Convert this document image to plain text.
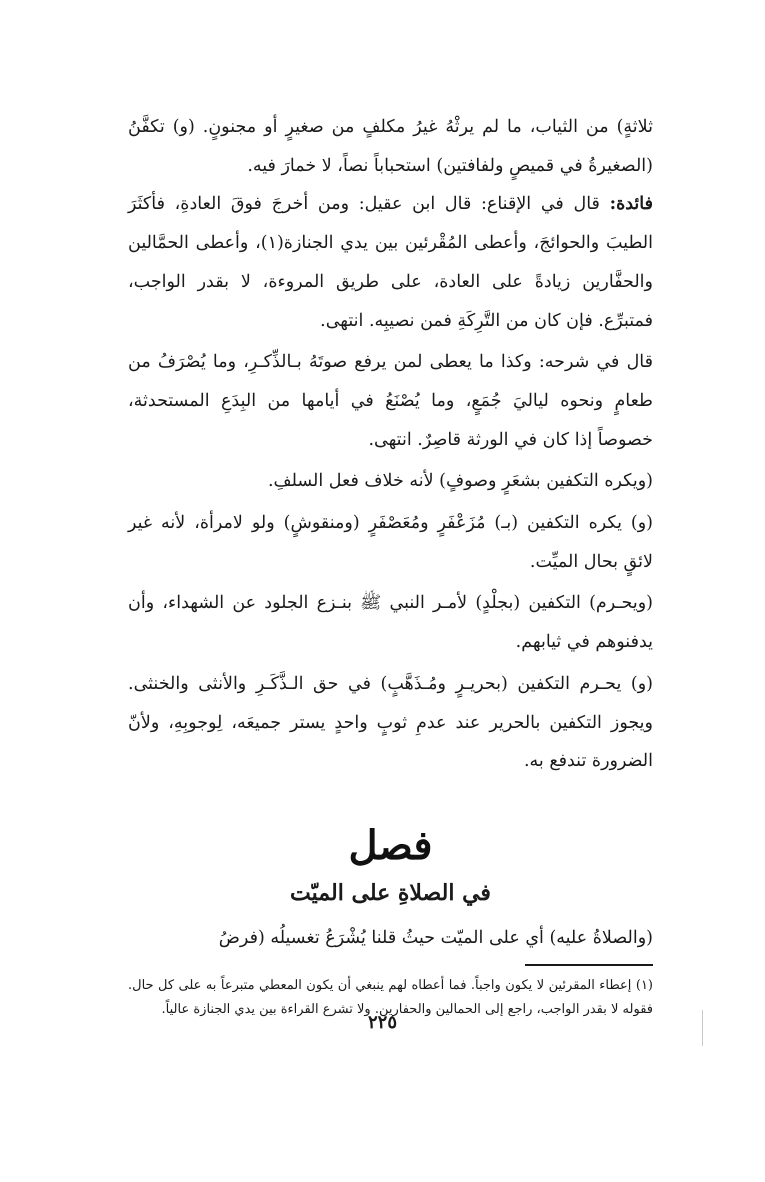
ثلاثةٍ) من الثياب، ما لم يرثْهُ غيرُ مكلفٍ من صغيرٍ أو مجنونٍ. (و) تكفَّنُ (الصغيرةُ في قميصٍ ولفافتين) استحباباً نصاً، لا خمارَ فيه.

فائدة: قال في الإقناع: قال ابن عقيل: ومن أخرجَ فوقَ العادةِ، فأكثَرَ الطيبَ والحوائجَ، وأعطى المُقْرئين بين يدي الجنازة(١)، وأعطى الحمَّالين والحفَّارين زيادةً على العادة، على طريق المروءة، لا بقدر الواجب، فمتبرِّع. فإن كان من التَّرِكَةِ فمن نصيبِه. انتهى.

قال في شرحه: وكذا ما يعطى لمن يرفع صوتَهُ بـالذِّكـرِ، وما يُصْرَفُ من طعامٍ ونحوه لياليَ جُمَعٍ، وما يُصْنَعُ في أيامها من البِدَعِ المستحدثة، خصوصاً إذا كان في الورثة قاصِرٌ. انتهى.

(ويكره التكفين بشعَرٍ وصوفٍ) لأنه خلاف فعل السلفِ.

(و) يكره التكفين (بـ) مُزَعْفَرٍ ومُعَصْفَرٍ (ومنقوشٍ) ولو لامرأة، لأنه غير لائقٍ بحال الميِّت.

(ويحـرم) التكفين (بجلْدٍ) لأمـر النبي ﷺ بنـزع الجلود عن الشهداء، وأن يدفنوهم في ثيابهم.

(و) يحـرم التكفين (بحريـرٍ ومُـذَهَّبٍ) في حق الـذَّكَـرِ والأنثى والخنثى. ويجوز التكفين بالحرير عند عدمِ ثوبٍ واحدٍ يستر جميعَه، لِوجوبِهِ، ولأنّ الضرورة تندفع به.

فصل
في الصلاةِ على الميّت

(والصلاةُ عليه) أي على الميّت حيثُ قلنا يُشْرَعُ تغسيلُه (فرضُ

(١) إعطاء المقرئين لا يكون واجباً. فما أعطاه لهم ينبغي أن يكون المعطي متبرعاً به على كل حال. فقوله لا بقدر الواجب، راجع إلى الحمالين والحفارين. ولا تشرع القراءة بين يدي الجنازة عالياً.
٢٢٥
